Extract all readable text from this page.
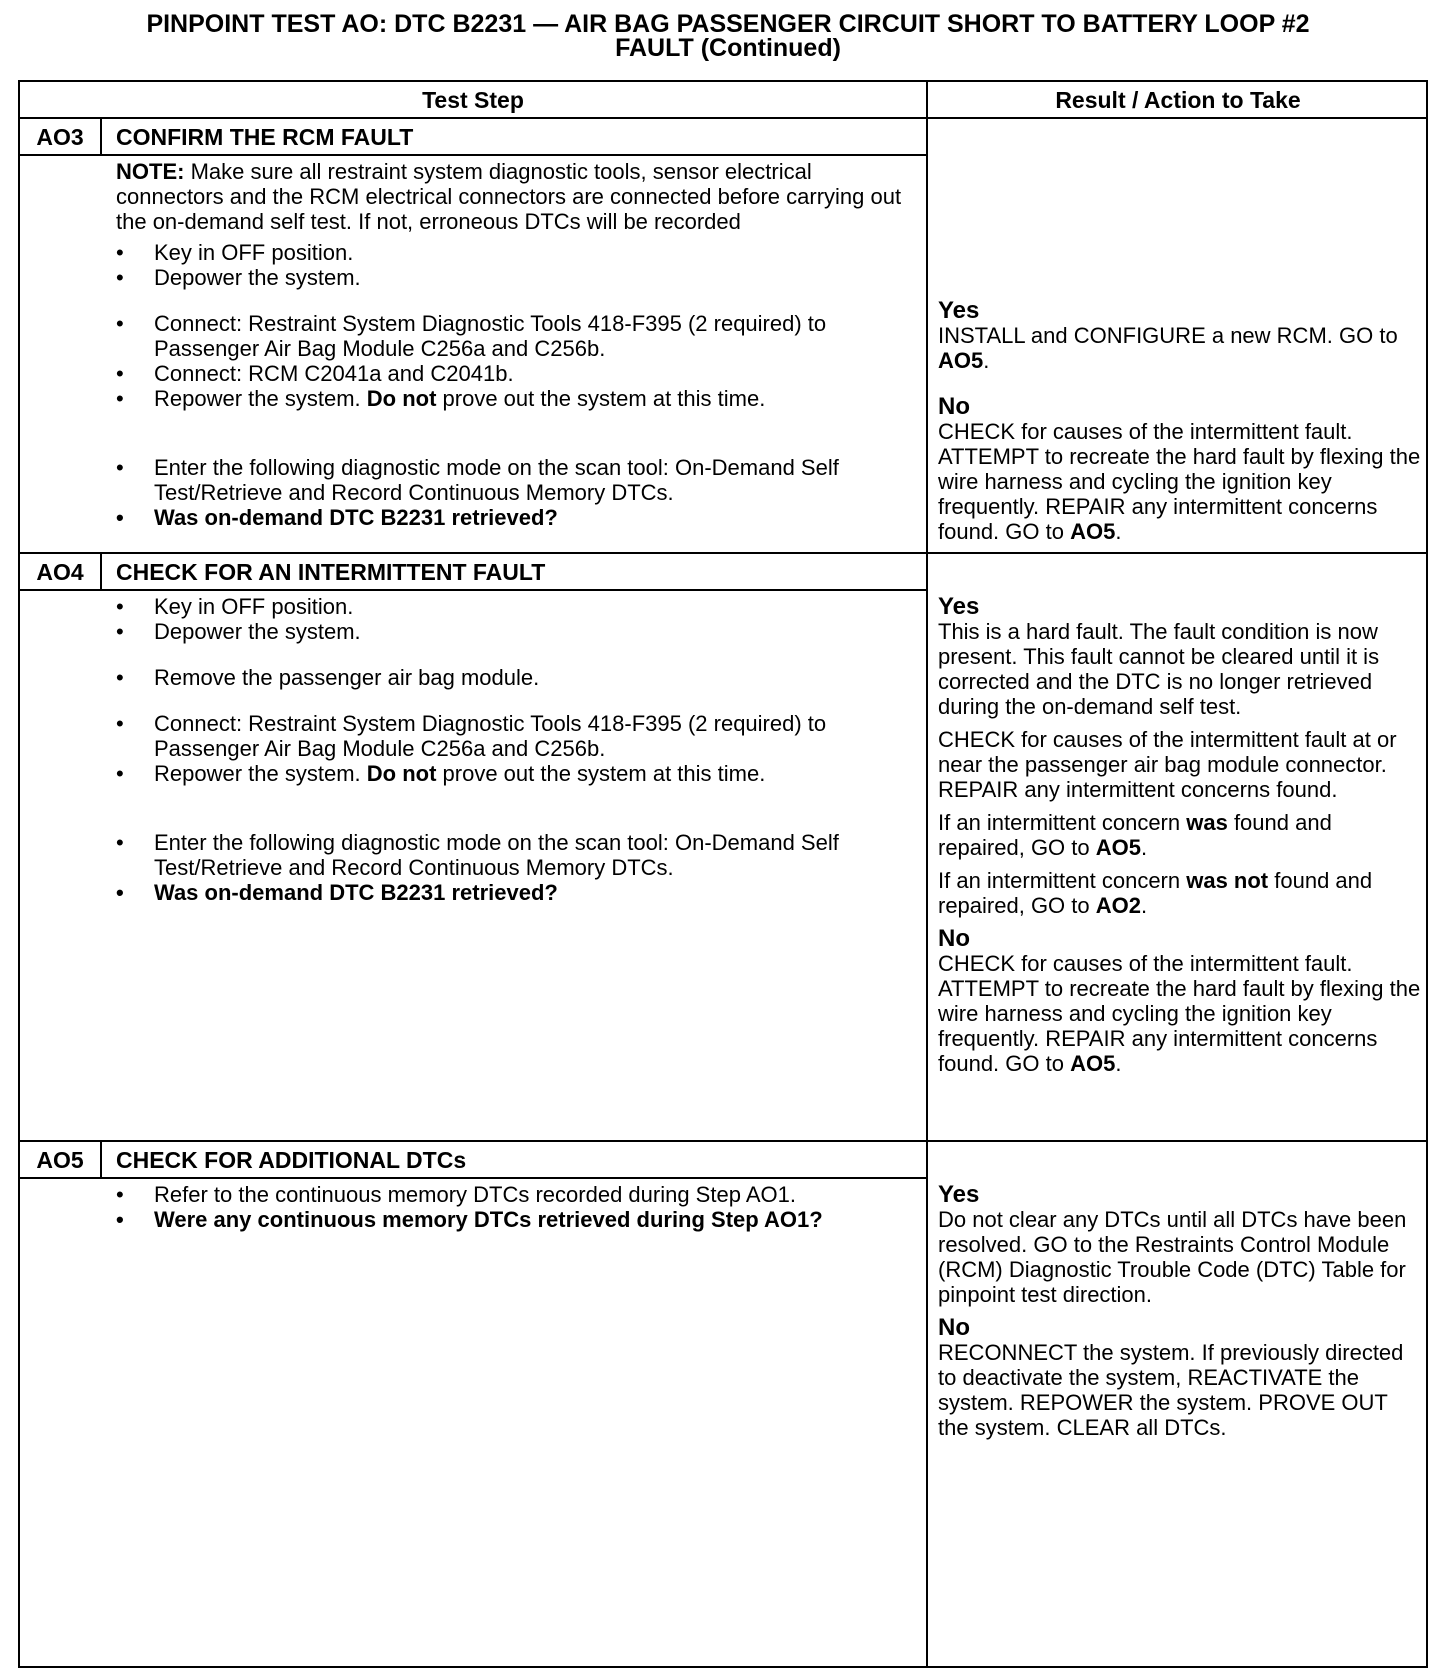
PINPOINT TEST AO: DTC B2231 — AIR BAG PASSENGER CIRCUIT SHORT TO BATTERY LOOP #2
FAULT (Continued)
Test Step	Result / Action to Take
AO3	CONFIRM THE RCM FAULT

NOTE: Make sure all restraint system diagnostic tools, sensor electrical connectors and the RCM electrical connectors are connected before carrying out the on-demand self test. If not, erroneous DTCs will be recorded

• Key in OFF position.

• Depower the system.

• Connect: Restraint System Diagnostic Tools 418-F395 (2 required) to Passenger Air Bag Module C256a and C256b.

• Connect: RCM C2041a and C2041b.

• Repower the system. Do not prove out the system at this time.

• Enter the following diagnostic mode on the scan tool: On-Demand Self Test/Retrieve and Record Continuous Memory DTCs.

• Was on-demand DTC B2231 retrieved?

Yes

INSTALL and CONFIGURE a new RCM. GO to AO5.

No

CHECK for causes of the intermittent fault. ATTEMPT to recreate the hard fault by flexing the wire harness and cycling the ignition key frequently. REPAIR any intermittent concerns found. GO to AO5.

AO4	CHECK FOR AN INTERMITTENT FAULT

• Key in OFF position.

• Depower the system.

• Remove the passenger air bag module.

• Connect: Restraint System Diagnostic Tools 418-F395 (2 required) to Passenger Air Bag Module C256a and C256b.

• Repower the system. Do not prove out the system at this time.

• Enter the following diagnostic mode on the scan tool: On-Demand Self Test/Retrieve and Record Continuous Memory DTCs.

• Was on-demand DTC B2231 retrieved?

Yes

This is a hard fault. The fault condition is now present. This fault cannot be cleared until it is corrected and the DTC is no longer retrieved during the on-demand self test.

CHECK for causes of the intermittent fault at or near the passenger air bag module connector. REPAIR any intermittent concerns found.

If an intermittent concern was found and repaired, GO to AO5.

If an intermittent concern was not found and repaired, GO to AO2.

No

CHECK for causes of the intermittent fault. ATTEMPT to recreate the hard fault by flexing the wire harness and cycling the ignition key frequently. REPAIR any intermittent concerns found. GO to AO5.

AO5	CHECK FOR ADDITIONAL DTCs

• Refer to the continuous memory DTCs recorded during Step AO1.

• Were any continuous memory DTCs retrieved during Step AO1?

Yes

Do not clear any DTCs until all DTCs have been resolved. GO to the Restraints Control Module (RCM) Diagnostic Trouble Code (DTC) Table for pinpoint test direction.

No

RECONNECT the system. If previously directed to deactivate the system, REACTIVATE the system. REPOWER the system. PROVE OUT the system. CLEAR all DTCs.
